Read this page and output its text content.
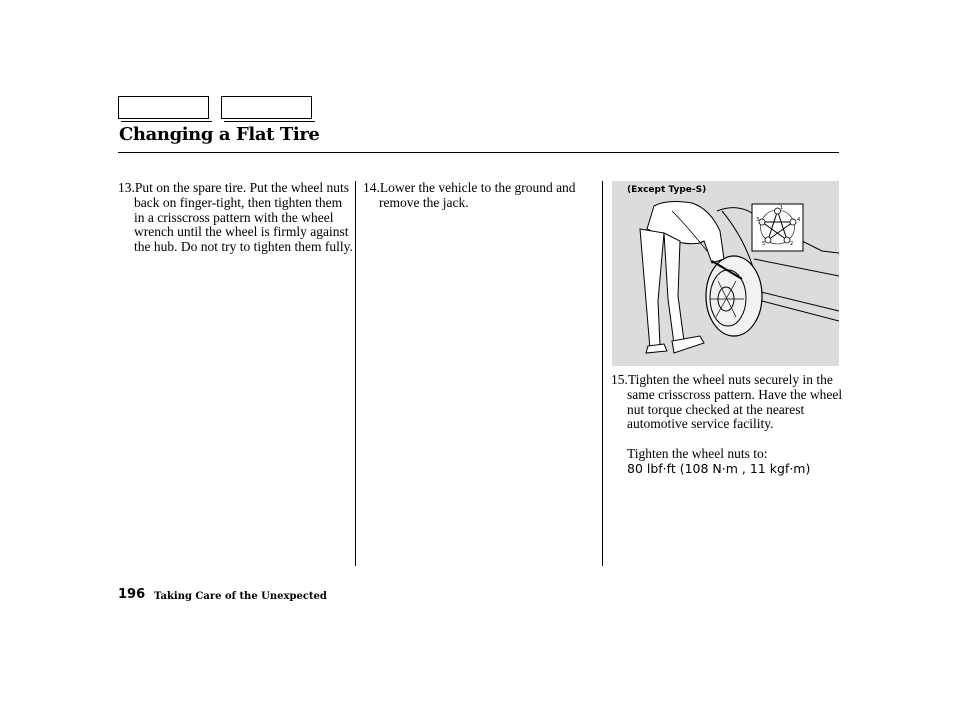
Changing a Flat Tire
13.Put on the spare tire. Put the wheel nuts back on finger-tight, then tighten them in a crisscross pattern with the wheel wrench until the wheel is firmly against the hub. Do not try to tighten them fully.
14.Lower the vehicle to the ground and remove the jack.	1
2
3	4
5
(Except Type-S)
15.Tighten the wheel nuts securely in the same crisscross pattern. Have the wheel nut torque checked at the nearest automotive service facility.
Tighten the wheel nuts to:
80 lbf·ft (108 N·m , 11 kgf·m)
196 Taking Care of the Unexpected
